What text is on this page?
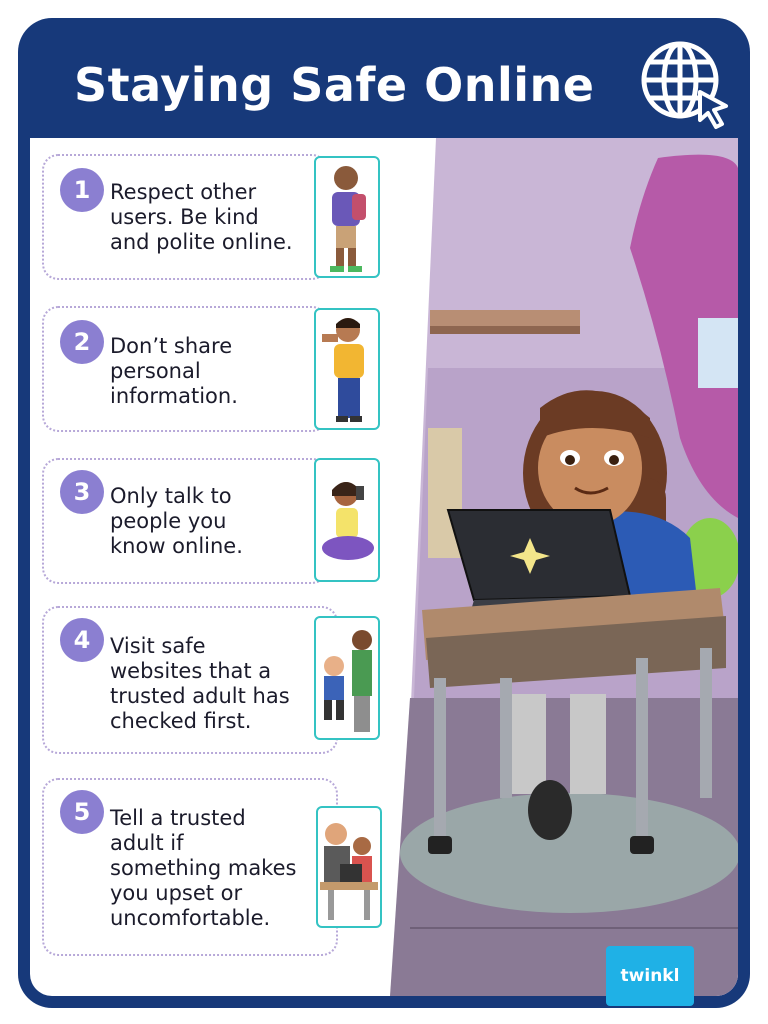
Staying Safe Online
1 Respect other
users. Be kind
and polite online.
2 Don’t share
personal
information.
3 Only talk to
people you
know online.
4 Visit safe
websites that a
trusted adult has
checked first.
5 Tell a trusted
adult if
something makes
you upset or
uncomfortable.
twinkl
